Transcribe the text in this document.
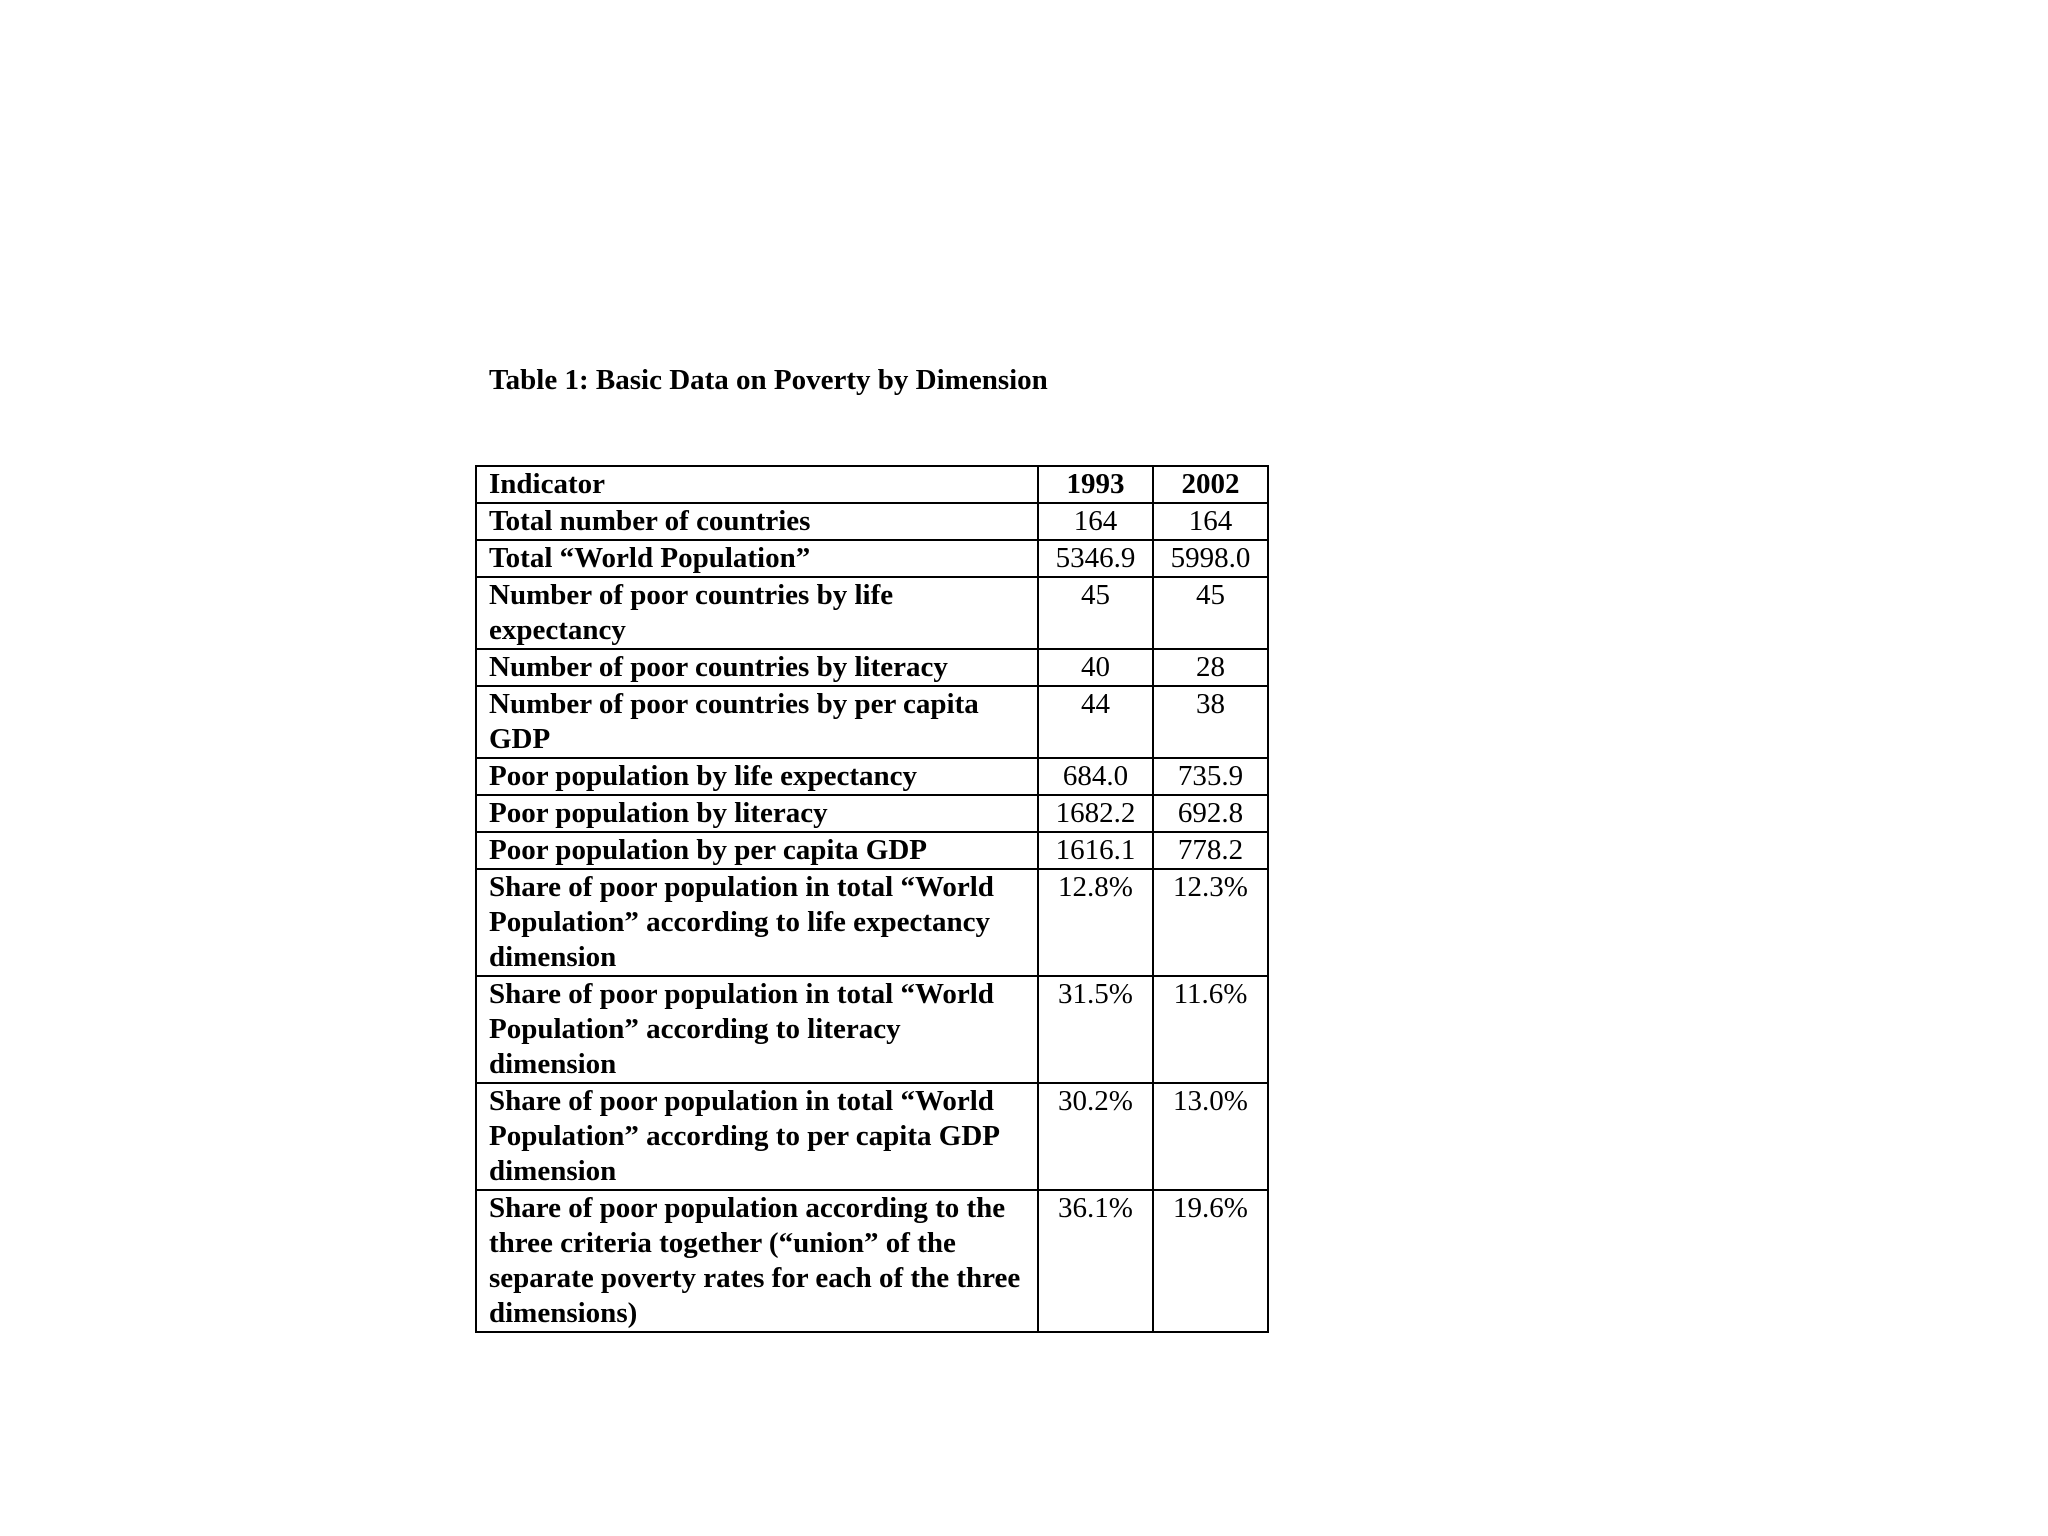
Table 1: Basic Data on Poverty by Dimension
Indicator	1993	2002
Total number of countries	164	164
Total “World Population”	5346.9	5998.0
Number of poor countries by life expectancy	45	45
Number of poor countries by literacy	40	28
Number of poor countries by per capita GDP	44	38
Poor population by life expectancy	684.0	735.9
Poor population by literacy	1682.2	692.8
Poor population by per capita GDP	1616.1	778.2
Share of poor population in total “World Population” according to life expectancy dimension	12.8%	12.3%
Share of poor population in total “World Population” according to literacy dimension	31.5%	11.6%
Share of poor population in total “World Population” according to per capita GDP dimension	30.2%	13.0%
Share of poor population according to the three criteria together (“union” of the separate poverty rates for each of the three dimensions)	36.1%	19.6%
